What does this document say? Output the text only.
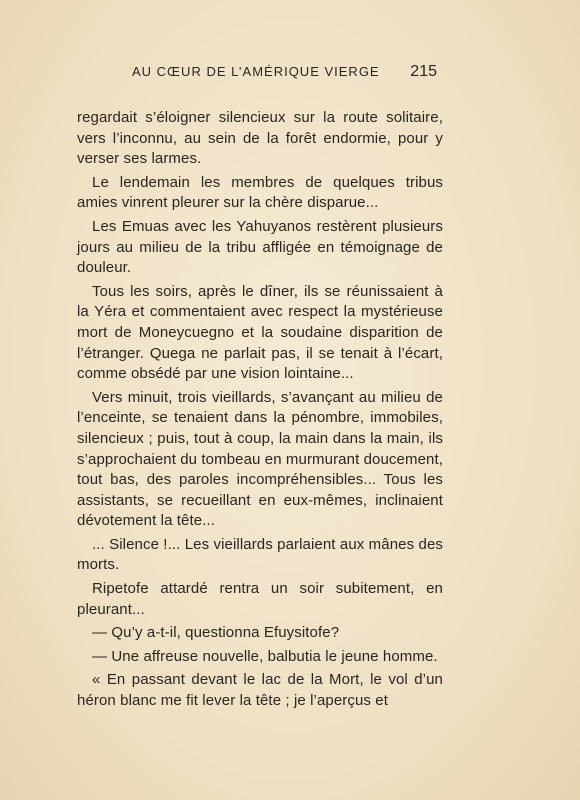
AU CŒUR DE L’AMÉRIQUE VIERGE 215

regardait s’éloigner silencieux sur la route solitaire, vers l’inconnu, au sein de la forêt endormie, pour y verser ses larmes.

Le lendemain les membres de quelques tribus amies vinrent pleurer sur la chère disparue...

Les Emuas avec les Yahuyanos restèrent plusieurs jours au milieu de la tribu affligée en témoignage de douleur.

Tous les soirs, après le dîner, ils se réunissaient à la Yéra et commentaient avec respect la mystérieuse mort de Moneycuegno et la soudaine disparition de l’étranger. Quega ne parlait pas, il se tenait à l’écart, comme obsédé par une vision lointaine...

Vers minuit, trois vieillards, s’avançant au milieu de l’enceinte, se tenaient dans la pénombre, immobiles, silencieux ; puis, tout à coup, la main dans la main, ils s’approchaient du tombeau en murmurant doucement, tout bas, des paroles incompréhensibles... Tous les assistants, se recueillant en eux-mêmes, inclinaient dévotement la tête...

... Silence !... Les vieillards parlaient aux mânes des morts.

Ripetofe attardé rentra un soir subitement, en pleurant...

— Qu’y a-t-il, questionna Efuysitofe?

— Une affreuse nouvelle, balbutia le jeune homme.

« En passant devant le lac de la Mort, le vol d’un héron blanc me fit lever la tête ; je l’aperçus et
